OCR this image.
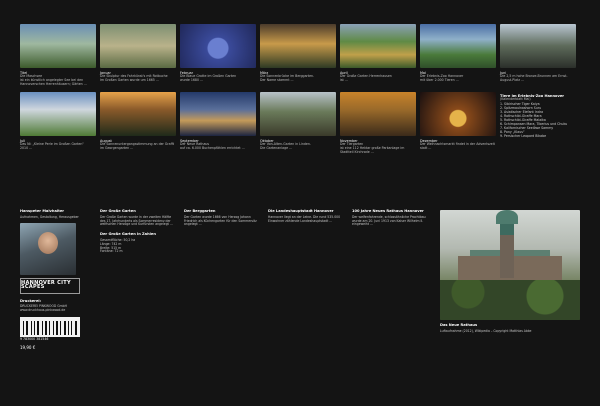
Titel
Die Maschsee
ist ein künstlich angelegter See bei den Hannoverschen Herrenhäusern; Gärten ...
Januar
Die Skulptur des Fahrkünst's mit Rotbuche
Im Großen Garten wurde um 1665 ...
Februar
Die Blaue Grotte im Großen Garten
wurde 1680 ...
März
Die Sonnenbrücke im Berggarten.
Der Name stammt ...
April
Der Große Garten Herrenhausen
ist ...
Mai
Der Erlebnis-Zoo Hannover
mit über 2.000 Tieren ...
Juni
Die 2,5 m hohe Bronze-Brunnen am Ernst-August-Platz ...
Juli
Das NI: „Kleine Perle im Großen Garten“
2010 ...
August
Die Sonnenuntergangsstimmung an der Grafft
im Georgengarten ...
September
Der Neue Rathaus
auf ca. 6.000 Buchenpfählen errichtet ...
Oktober
Der Von-Alten-Garten in Linden.
Die Gartenanlage ...
November
Der Tiergarten
ist eine 112 Hektar große Parkanlage im Stadtteil Kirchrode ...
Dezember
Der Weihnachtsmarkt findet in der Adventszeit statt ...
Tiere im Erlebnis-Zoo Hannover
(Kalenderblatt Mai)
1. Sibirischer Tiger Kaiya
2. Spitzmaulnashorn Suru
3. Asiatischer Elefant Indra
4. Rothschild-Giraffe Mara
5. Rothschild-Giraffe Malaika
6. Schimpansen Mara, Tiberius und Chuku
7. Kalifornischer Seelöwe Sammy
8. Pony „Klaus“
9. Persischer Leopard Bikabe
Hanspeter Malvhalter
Aufnahmen, Gestaltung, Herausgeber
HANNOVER CITY SCAPES
Druckerei:
DRUCKEREI PINKWOOD GmbH
www.druckhaus-pinkwood.de
9 783000 381546
19,90 €
Der Große Garten
Der Große Garten wurde in der zweiten Hälfte des 17. Jahrhunderts als Sommerresidenz der welfischen Herzöge und Kurfürsten angelegt ...
Der Große Garten in Zahlen
Gesamtfläche: 50,2 ha
Länge: 742 m
Breite: 515 m
Fontäne: 72 m
Der Berggarten
Der Garten wurde 1666 von Herzog Johann Friedrich als Küchengarten für den Sommersitz angelegt ...
Die Landeshauptstadt Hannover
Hannover liegt an der Leine. Die rund 535.000 Einwohner zählende Landeshauptstadt ...
100 Jahre Neues Rathaus Hannover
Der welfenfahrende, schlossähnliche Prachtbau wurde am 20. Juni 1913 von Kaiser Wilhelm II. eingeweiht ...
Das Neue Rathaus
Luftaufnahme (2012), Wikipedia – Copyright Matthias Abke
